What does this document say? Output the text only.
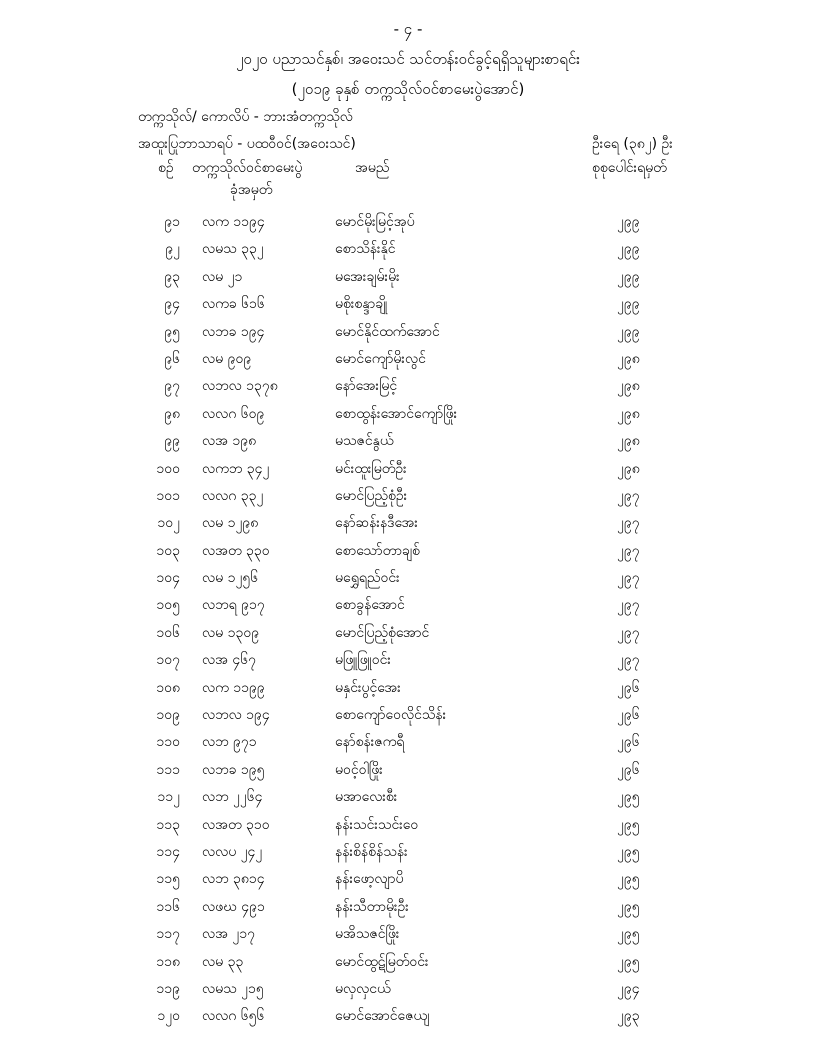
- ၄ -
၂၀၂၀ ပညာသင်နှစ်၊ အဝေးသင် သင်တန်းဝင်ခွင့်ရရှိသူများစာရင်း
(၂၀၁၉ ခုနှစ် တက္ကသိုလ်ဝင်စာမေးပွဲအောင်)
တက္ကသိုလ်/ ကောလိပ် - ဘားအံတက္ကသိုလ်
အထူးပြုဘာသာရပ် - ပထဝီဝင်(အဝေးသင်)	ဦးရေ (၃၈၂) ဦး
စဉ် တက္ကသိုလ်ဝင်စာမေးပွဲ
ခုံအမှတ်
အမည်	စုစုပေါင်းရမှတ်
၉၁ လက ၁၁၉၄	မောင်မိုးမြင့်အုပ်	၂၉၉
၉၂ လမသ ၃၃၂	စောသိန်းနိုင်	၂၉၉
၉၃ လမ ၂၁	မအေးချမ်းမိုး	၂၉၉
၉၄ လကခ ၆၁၆	မစိုးစန္ဒာချို	၂၉၉
၉၅ လဘခ ၁၉၄	မောင်နိုင်ထက်အောင်	၂၉၉
၉၆ လမ ၉၀၉	မောင်ကျော်မိုးလွင်	၂၉၈
၉၇ လဘလ ၁၃၇၈	နော်အေးမြင့်	၂၉၈
၉၈ လလဂ ၆၀၉	စောထွန်းအောင်ကျော်ဖြိုး	၂၉၈
၉၉ လအ ၁၉၈	မသဇင်နွယ်	၂၉၈
၁၀၀ လကဘ ၃၄၂	မင်းထူးမြတ်ဦး	၂၉၈
၁၀၁ လလဂ ၃၃၂	မောင်ပြည့်စုံဦး	၂၉၇
၁၀၂ လမ ၁၂၉၈	နော်ဆန်းနဒီအေး	၂၉၇
၁၀၃ လအတ ၃၃၀	စောသော်တာချစ်	၂၉၇
၁၀၄ လမ ၁၂၅၆	မရွှေရည်ဝင်း	၂၉၇
၁၀၅ လဘရ ၉၁၇	စောခွန်အောင်	၂၉၇
၁၀၆ လမ ၁၃၀၉	မောင်ပြည့်စုံအောင်	၂၉၇
၁၀၇ လအ ၄၆၇	မဖြူဖြူဝင်း	၂၉၇
၁၀၈ လက ၁၁၉၉	မနှင်းပွင့်အေး	၂၉၆
၁၀၉ လဘလ ၁၉၄	စောကျော်ဝေလိုင်သိန်း	၂၉၆
၁၁၀ လဘ ၉၇၁	နော်စန်းဇကရီ	၂၉၆
၁၁၁ လဘခ ၁၉၅	မဝင့်ဝါဖြိုး	၂၉၆
၁၁၂ လဘ ၂၂၆၄	မအာလေးစီး	၂၉၅
၁၁၃ လအတ ၃၁၀	နန်းသင်းသင်းဝေ	၂၉၅
၁၁၄ လလပ ၂၄၂	နန်းစိန်စိန်သန်း	၂၉၅
၁၁၅ လဘ ၃၈၁၄	နန်းဖော့လျာပိ	၂၉၅
၁၁၆ လဖဃ ၄၉၁	နန်းသီတာမိုးဦး	၂၉၅
၁၁၇ လအ ၂၁၇	မအိသဇင်ဖြိုး	၂၉၅
၁၁၈ လမ ၃၃	မောင်ထွဋ်မြတ်ဝင်း	၂၉၅
၁၁၉ လမသ ၂၁၅	မလှလှငယ်	၂၉၄
၁၂၀ လလဂ ၆၅၆	မောင်အောင်ဇေယျ	၂၉၃
